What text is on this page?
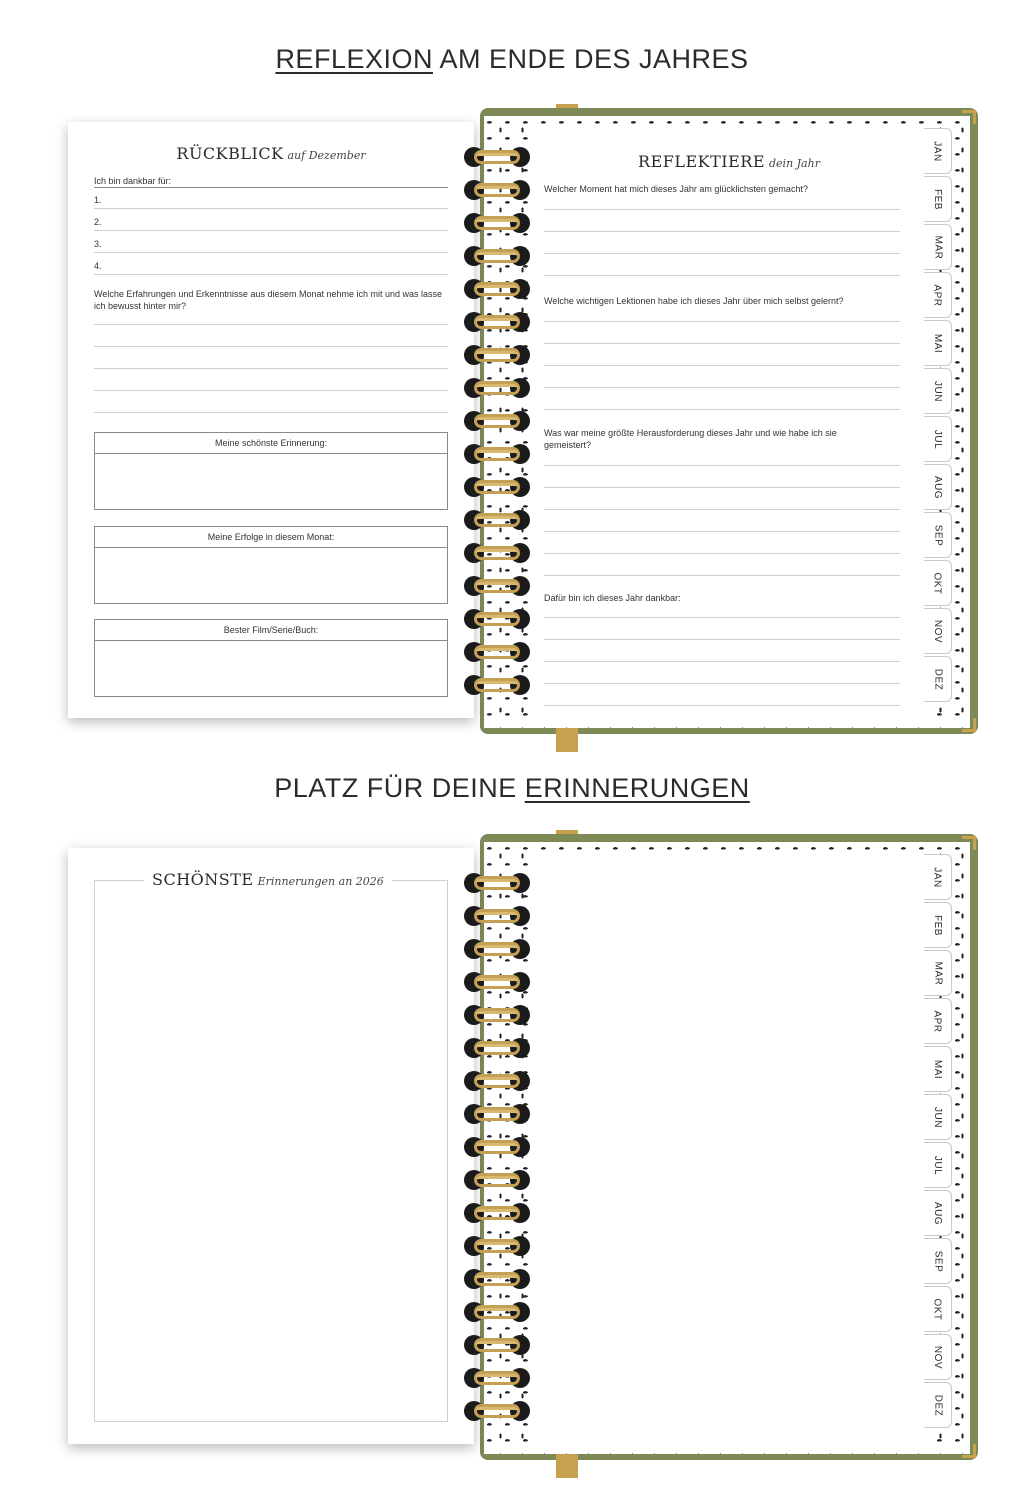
REFLEXION AM ENDE DES JAHRES
REFLEKTIERE dein Jahr
Welcher Moment hat mich dieses Jahr am glücklichsten gemacht?
Welche wichtigen Lektionen habe ich dieses Jahr über mich selbst gelernt?
Was war meine größte Herausforderung dieses Jahr und wie habe ich sie gemeistert?
Dafür bin ich dieses Jahr dankbar:
JAN
FEB
MAR
APR
MAI
JUN
JUL
AUG
SEP
OKT
NOV
DEZ
RÜCKBLICK auf Dezember
Ich bin dankbar für:
1.
2.
3.
4.
Welche Erfahrungen und Erkenntnisse aus diesem Monat nehme ich mit und was lasse ich bewusst hinter mir?
Meine schönste Erinnerung:
Meine Erfolge in diesem Monat:
Bester Film/Serie/Buch:
PLATZ FÜR DEINE ERINNERUNGEN
JAN
FEB
MAR
APR
MAI
JUN
JUL
AUG
SEP
OKT
NOV
DEZ
SCHÖNSTE Erinnerungen an 2026
